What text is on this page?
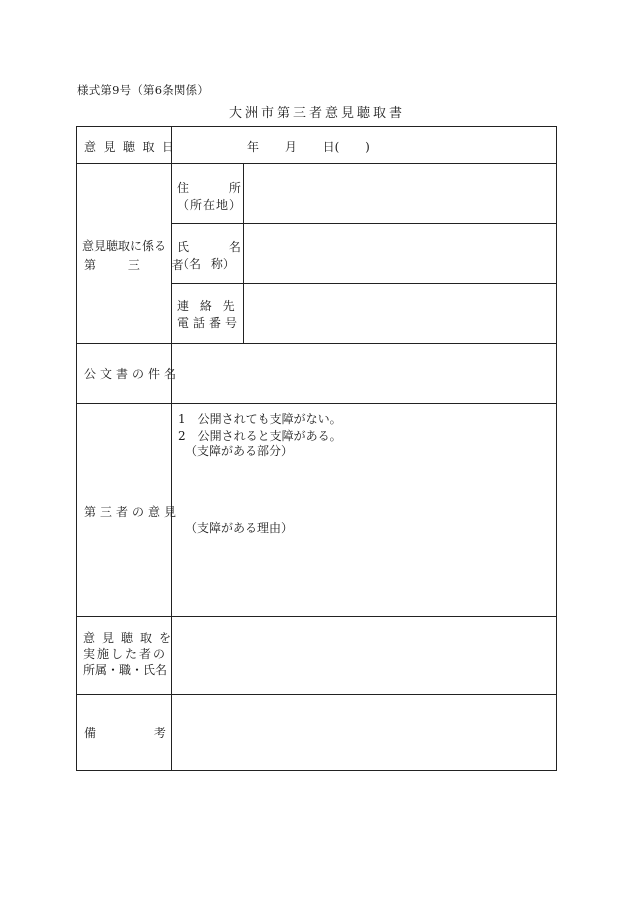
様式第9号（第6条関係）
大洲市第三者意見聴取書
意見聴取日	年 月 日( )
意見聴取に係る
第 三 者
住 所
（所在地）
氏 名
（名 称）
連 絡 先
電話番号
公文書の件名
第三者の意見
1　公開されても支障がない。
2　公開されると支障がある。
（支障がある部分）
（支障がある理由）
意見聴取を
実施した者の
所属・職・氏名
備 考
